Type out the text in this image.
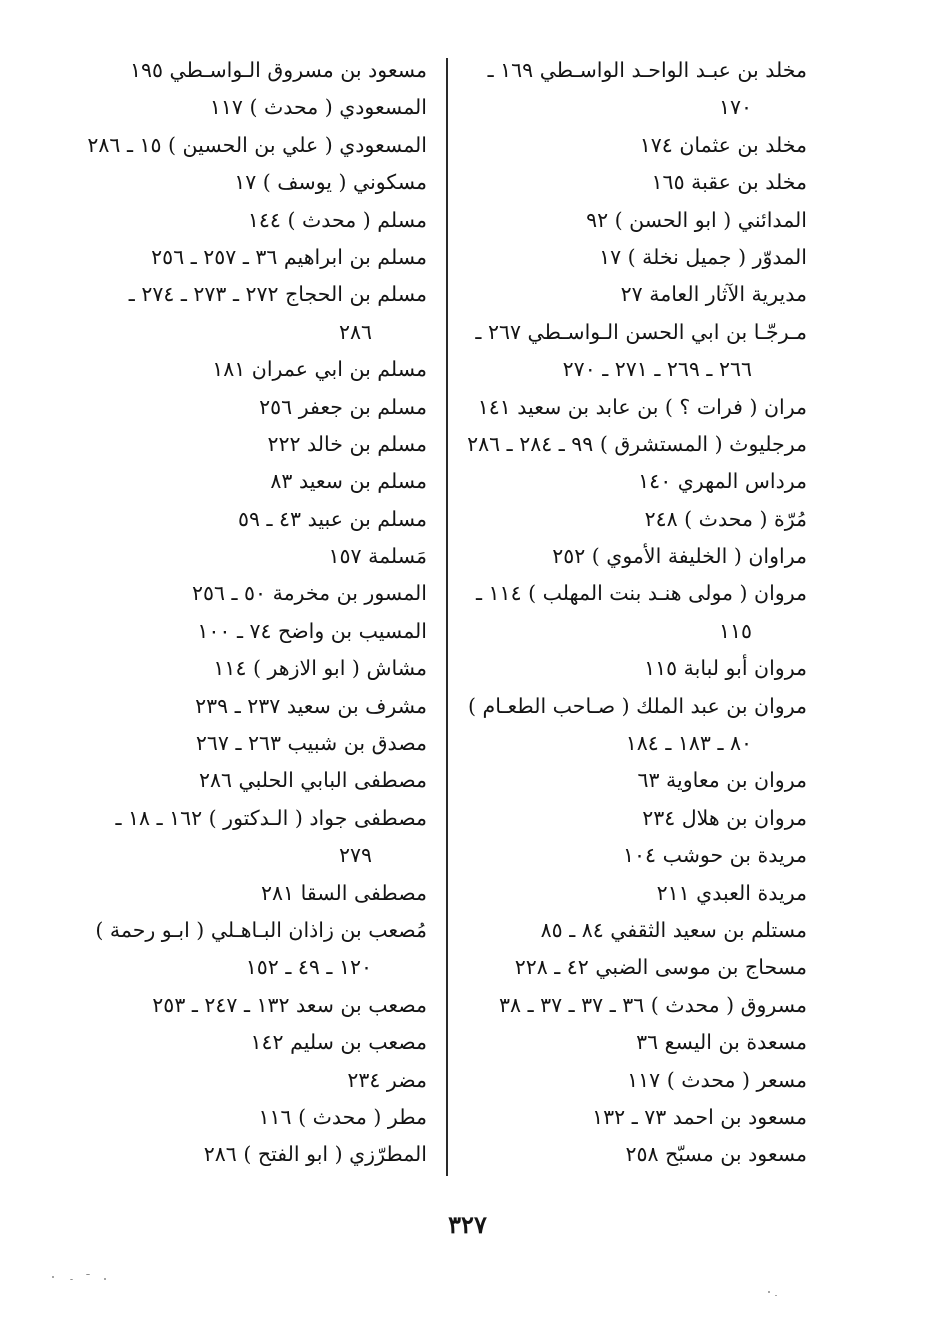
مخلد بن عبـد الواحـد الواسـطي ١٦٩ ـ
١٧٠
مخلد بن عثمان ١٧٤
مخلد بن عقبة ١٦٥
المدائني ( ابو الحسن ) ٩٢
المدوّر ( جميل نخلة ) ١٧
مديرية الآثار العامة ٢٧
مـرجّـا بن ابي الحسن الـواسـطي ٢٦٧ ـ
٢٦٦ ـ ٢٦٩ ـ ٢٧١ ـ ٢٧٠
مران ( فرات ؟ ) بن عابد بن سعيد ١٤١
مرجليوث ( المستشرق ) ٩٩ ـ ٢٨٤ ـ ٢٨٦
مرداس المهري ١٤٠
مُرّة ( محدث ) ٢٤٨
مراوان ( الخليفة الأموي ) ٢٥٢
مروان ( مولى هنـد بنت المهلب ) ١١٤ ـ
١١٥
مروان أبو لبابة ١١٥
مروان بن عبد الملك ( صـاحب الطعـام )
٨٠ ـ ١٨٣ ـ ١٨٤
مروان بن معاوية ٦٣
مروان بن هلال ٢٣٤
مريدة بن حوشب ١٠٤
مريدة العبدي ٢١١
مستلم بن سعيد الثقفي ٨٤ ـ ٨٥
مسحاج بن موسى الضبي ٤٢ ـ ٢٢٨
مسروق ( محدث ) ٣٦ ـ ٣٧ ـ ٣٧ ـ ٣٨
مسعدة بن اليسع ٣٦
مسعر ( محدث ) ١١٧
مسعود بن احمد ٧٣ ـ ١٣٢
مسعود بن مسبّح ٢٥٨
مسعود بن مسروق الـواسـطي ١٩٥
المسعودي ( محدث ) ١١٧
المسعودي ( علي بن الحسين ) ١٥ ـ ٢٨٦
مسكوني ( يوسف ) ١٧
مسلم ( محدث ) ١٤٤
مسلم بن ابراهيم ٣٦ ـ ٢٥٧ ـ ٢٥٦
مسلم بن الحجاج ٢٧٢ ـ ٢٧٣ ـ ٢٧٤ ـ
٢٨٦
مسلم بن ابي عمران ١٨١
مسلم بن جعفر ٢٥٦
مسلم بن خالد ٢٢٢
مسلم بن سعيد ٨٣
مسلم بن عبيد ٤٣ ـ ٥٩
مَسلمة ١٥٧
المسور بن مخرمة ٥٠ ـ ٢٥٦
المسيب بن واضح ٧٤ ـ ١٠٠
مشاش ( ابو الازهر ) ١١٤
مشرف بن سعيد ٢٣٧ ـ ٢٣٩
مصدق بن شبيب ٢٦٣ ـ ٢٦٧
مصطفى البابي الحلبي ٢٨٦
مصطفى جواد ( الـدكتور ) ١٦٢ ـ ١٨ ـ
٢٧٩
مصطفى السقا ٢٨١
مُصعب بن زاذان البـاهـلي ( ابـو رحمة )
١٢٠ ـ ٤٩ ـ ١٥٢
مصعب بن سعد ١٣٢ ـ ٢٤٧ ـ ٢٥٣
مصعب بن سليم ١٤٢
مضر ٢٣٤
مطر ( محدث ) ١١٦
المطرّزي ( ابو الفتح ) ٢٨٦
٣٢٧
